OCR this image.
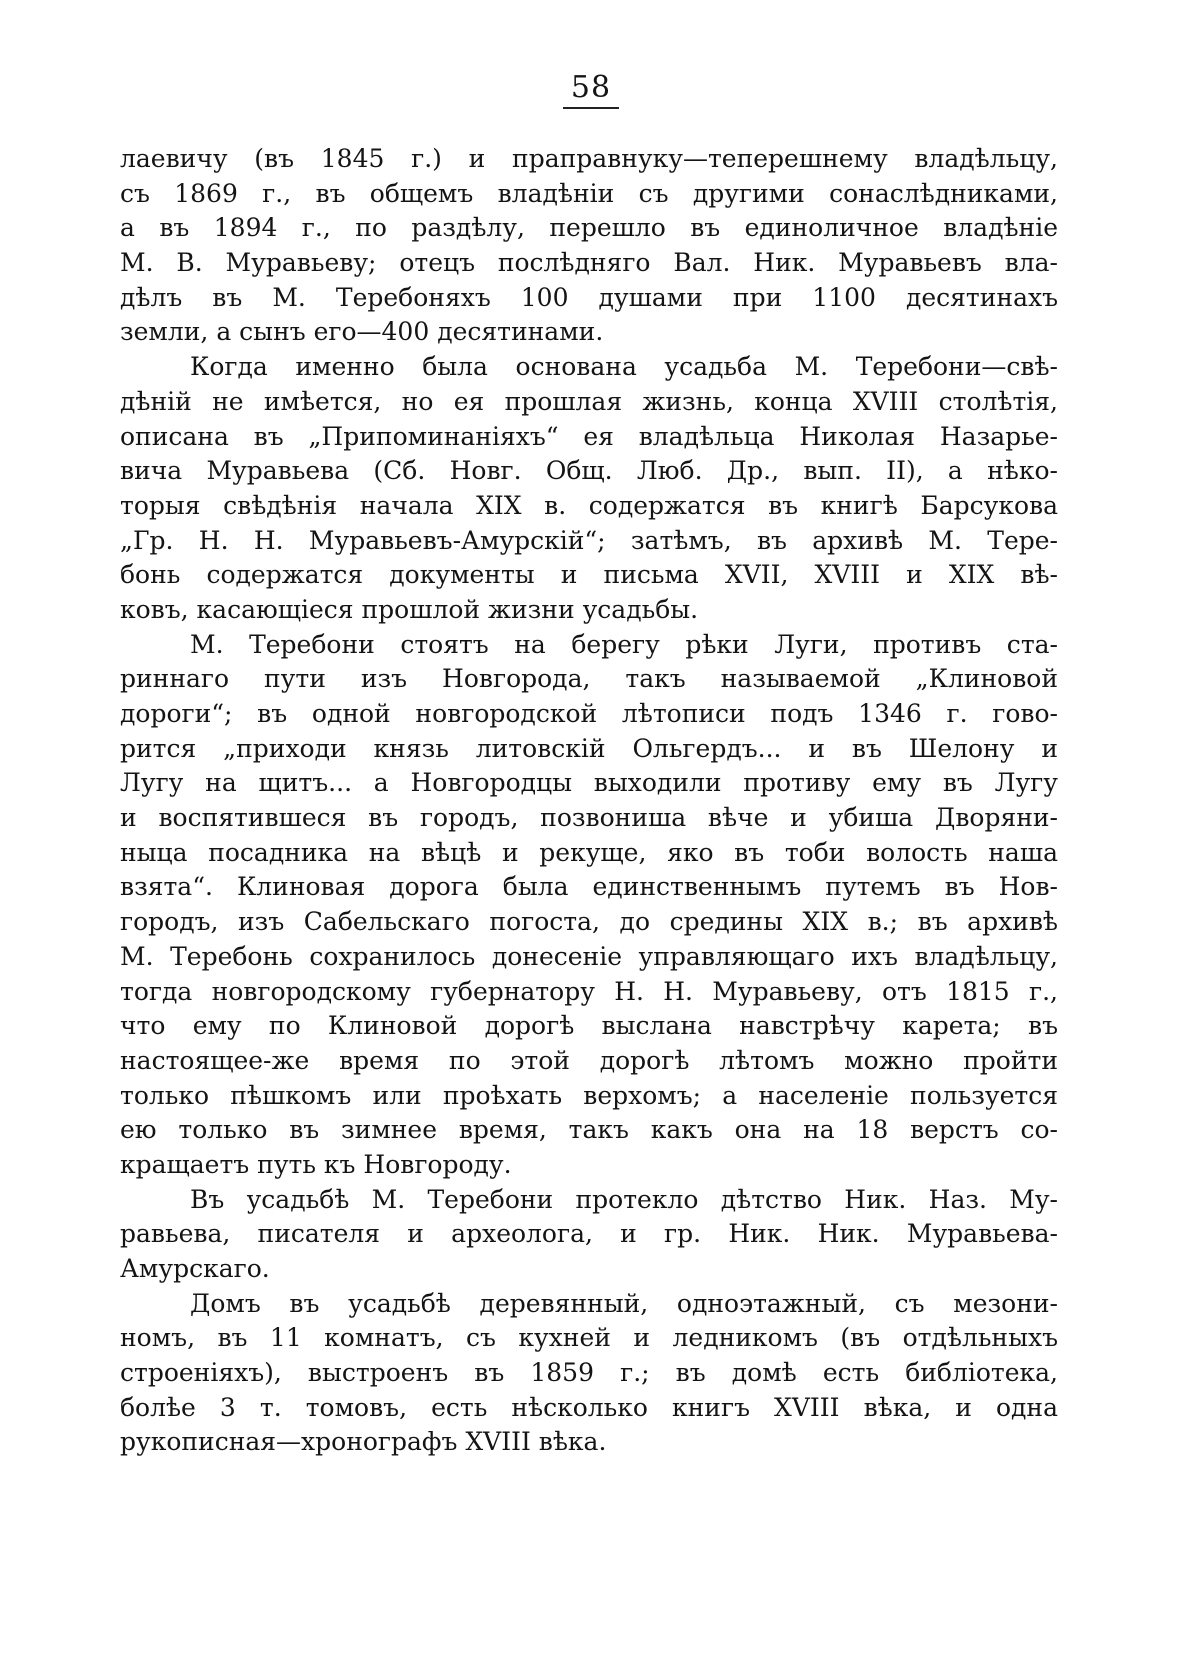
58
лаевичу (въ 1845 г.) и праправнуку—теперешнему владѣльцу,
съ 1869 г., въ общемъ владѣніи съ другими сонаслѣдниками,
а въ 1894 г., по раздѣлу, перешло въ единоличное владѣніе
М. В. Муравьеву; отецъ послѣдняго Вал. Ник. Муравьевъ вла-
дѣлъ въ М. Теребоняхъ 100 душами при 1100 десятинахъ
земли, а сынъ его—400 десятинами.
Когда именно была основана усадьба М. Теребони—свѣ-
дѣній не имѣется, но ея прошлая жизнь, конца XVIII столѣтія,
описана въ „Припоминаніяхъ“ ея владѣльца Николая Назарье-
вича Муравьева (Сб. Новг. Общ. Люб. Др., вып. II), а нѣко-
торыя свѣдѣнія начала XIX в. содержатся въ книгѣ Барсукова
„Гр. Н. Н. Муравьевъ-Амурскій“; затѣмъ, въ архивѣ М. Тере-
бонь содержатся документы и письма XVII, XVIII и XIX вѣ-
ковъ, касающіеся прошлой жизни усадьбы.
М. Теребони стоятъ на берегу рѣки Луги, противъ ста-
риннаго пути изъ Новгорода, такъ называемой „Клиновой
дороги“; въ одной новгородской лѣтописи подъ 1346 г. гово-
рится „приходи князь литовскій Ольгердъ... и въ Шелону и
Лугу на щитъ... а Новгородцы выходили противу ему въ Лугу
и воспятившеся въ городъ, позвониша вѣче и убиша Дворяни-
ныца посадника на вѣцѣ и рекуще, яко въ тоби волость наша
взята“. Клиновая дорога была единственнымъ путемъ въ Нов-
городъ, изъ Сабельскаго погоста, до средины XIX в.; въ архивѣ
М. Теребонь сохранилось донесеніе управляющаго ихъ владѣльцу,
тогда новгородскому губернатору Н. Н. Муравьеву, отъ 1815 г.,
что ему по Клиновой дорогѣ выслана навстрѣчу карета; въ
настоящее-же время по этой дорогѣ лѣтомъ можно пройти
только пѣшкомъ или проѣхать верхомъ; а населеніе пользуется
ею только въ зимнее время, такъ какъ она на 18 верстъ со-
кращаетъ путь къ Новгороду.
Въ усадьбѣ М. Теребони протекло дѣтство Ник. Наз. Му-
равьева, писателя и археолога, и гр. Ник. Ник. Муравьева-
Амурскаго.
Домъ въ усадьбѣ деревянный, одноэтажный, съ мезони-
номъ, въ 11 комнатъ, съ кухней и ледникомъ (въ отдѣльныхъ
строеніяхъ), выстроенъ въ 1859 г.; въ домѣ есть библіотека,
болѣе 3 т. томовъ, есть нѣсколько книгъ XVIII вѣка, и одна
рукописная—хронографъ XVIII вѣка.
